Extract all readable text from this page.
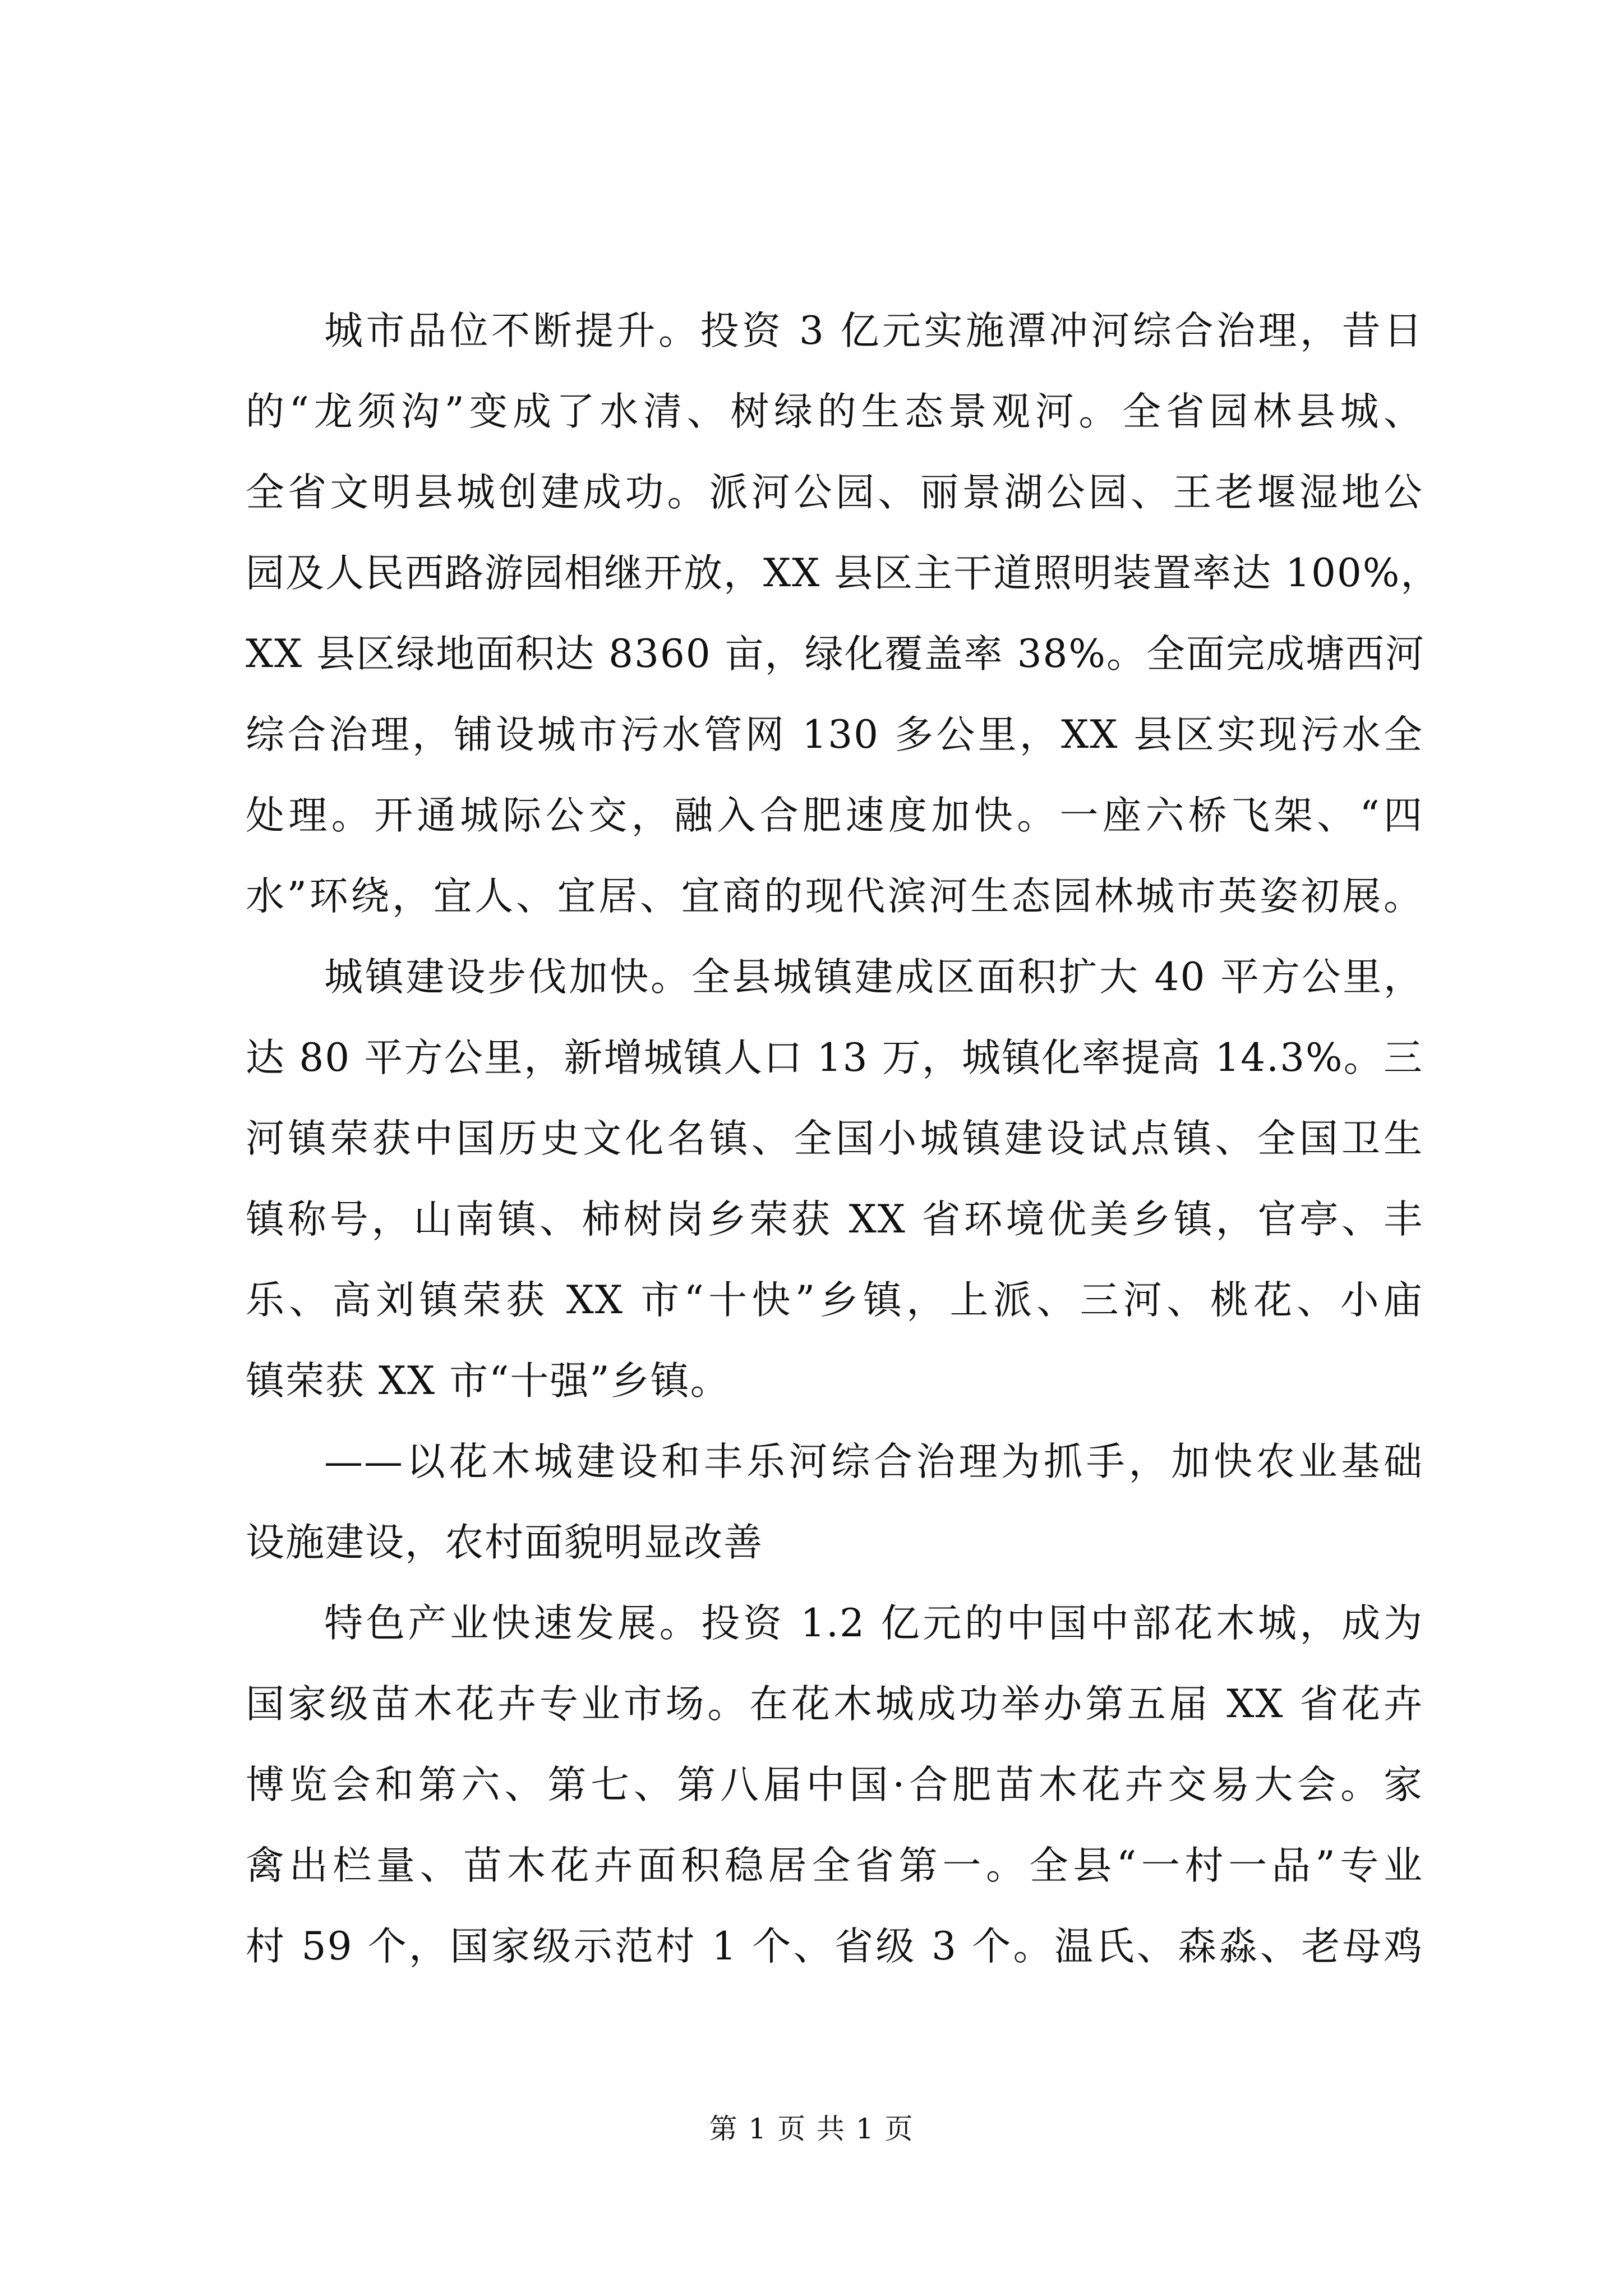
城市品位不断提升。投资 3 亿元实施潭冲河综合治理，昔日
的“龙须沟”变成了水清、树绿的生态景观河。全省园林县城、
全省文明县城创建成功。派河公园、丽景湖公园、王老堰湿地公
园及人民西路游园相继开放，XX 县区主干道照明装置率达 100%，
XX 县区绿地面积达 8360 亩，绿化覆盖率 38%。全面完成塘西河
综合治理，铺设城市污水管网 130 多公里，XX 县区实现污水全
处理。开通城际公交，融入合肥速度加快。一座六桥飞架、“四
水”环绕，宜人、宜居、宜商的现代滨河生态园林城市英姿初展。
城镇建设步伐加快。全县城镇建成区面积扩大 40 平方公里，
达 80 平方公里，新增城镇人口 13 万，城镇化率提高 14.3%。三
河镇荣获中国历史文化名镇、全国小城镇建设试点镇、全国卫生
镇称号，山南镇、柿树岗乡荣获 XX 省环境优美乡镇，官亭、丰
乐、高刘镇荣获 XX 市“十快”乡镇，上派、三河、桃花、小庙
镇荣获 XX 市“十强”乡镇。
——以花木城建设和丰乐河综合治理为抓手，加快农业基础
设施建设，农村面貌明显改善
特色产业快速发展。投资 1.2 亿元的中国中部花木城，成为
国家级苗木花卉专业市场。在花木城成功举办第五届 XX 省花卉
博览会和第六、第七、第八届中国·合肥苗木花卉交易大会。家
禽出栏量、苗木花卉面积稳居全省第一。全县“一村一品”专业
村 59 个，国家级示范村 1 个、省级 3 个。温氏、森淼、老母鸡
第 1 页 共 1 页
